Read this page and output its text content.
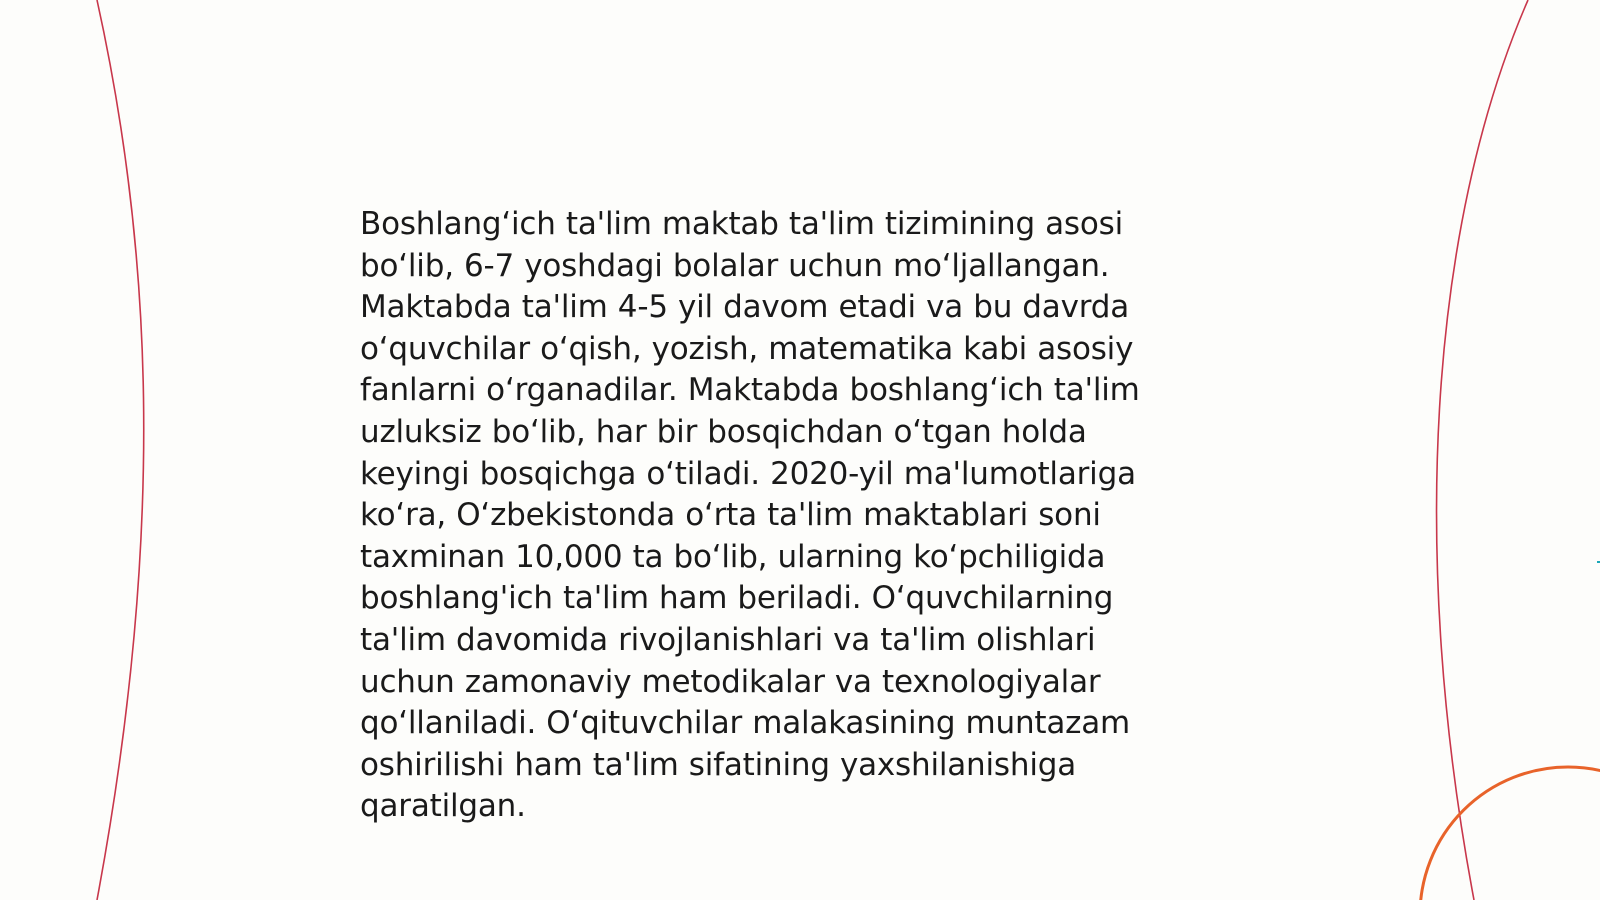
Boshlang‘ich ta'lim maktab ta'lim tizimining asosi bo‘lib, 6-7 yoshdagi bolalar uchun mo‘ljallangan. Maktabda ta'lim 4-5 yil davom etadi va bu davrda o‘quvchilar o‘qish, yozish, matematika kabi asosiy fanlarni o‘rganadilar. Maktabda boshlang‘ich ta'lim uzluksiz bo‘lib, har bir bosqichdan o‘tgan holda keyingi bosqichga o‘tiladi. 2020-yil ma'lumotlariga ko‘ra, O‘zbekistonda o‘rta ta'lim maktablari soni taxminan 10,000 ta bo‘lib, ularning ko‘pchiligida boshlang'ich ta'lim ham beriladi. O‘quvchilarning ta'lim davomida rivojlanishlari va ta'lim olishlari uchun zamonaviy metodikalar va texnologiyalar qo‘llaniladi. O‘qituvchilar malakasining muntazam oshirilishi ham ta'lim sifatining yaxshilanishiga qaratilgan.
